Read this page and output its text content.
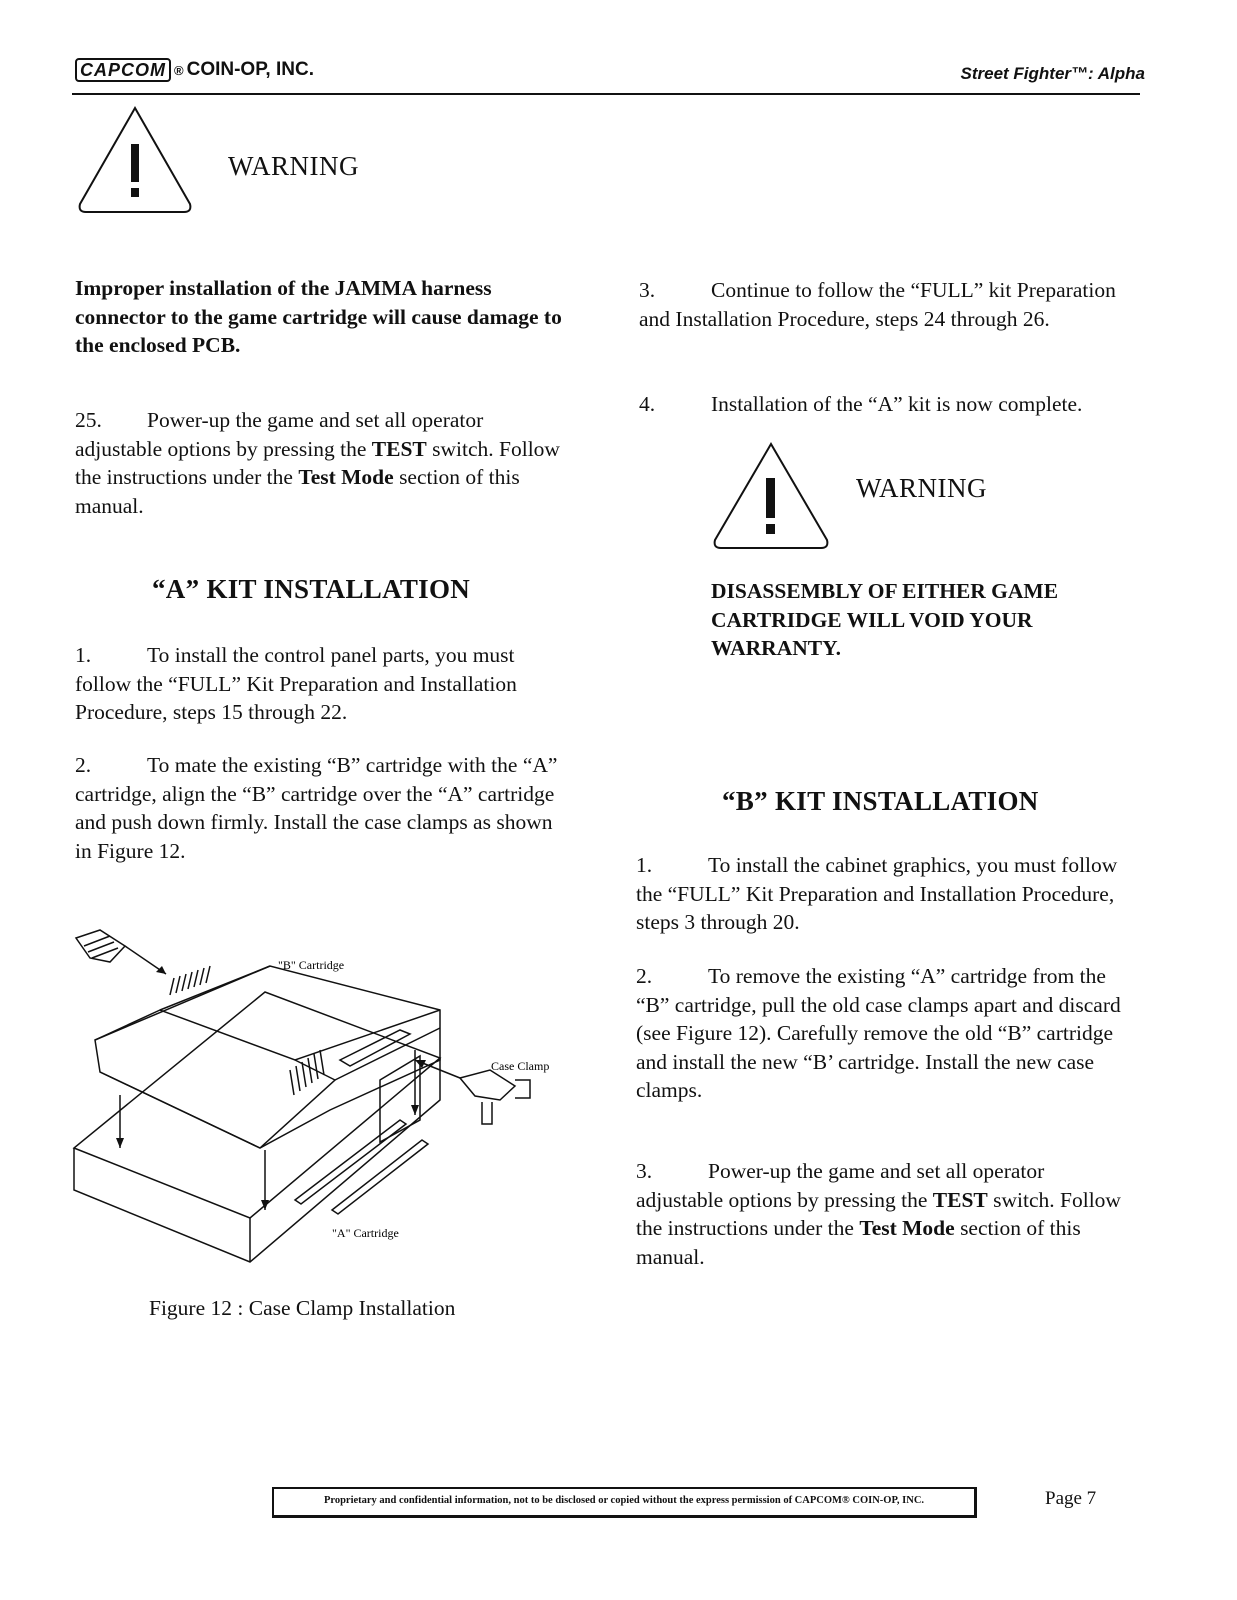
CAPCOM ® COIN-OP, INC.	Street Fighter™: Alpha
WARNING
Improper installation of the JAMMA harness connector to the game cartridge will cause damage to the enclosed PCB.
25. Power-up the game and set all operator adjustable options by pressing the TEST switch. Follow the instructions under the Test Mode section of this manual.
“A” KIT INSTALLATION
1.	To install the control panel parts, you must follow the “FULL” Kit Preparation and Installation Procedure, steps 15 through 22.
2.	To mate the existing “B” cartridge with the “A” cartridge, align the “B” cartridge over the “A” cartridge and push down firmly. Install the case clamps as shown in Figure 12.
"B" Cartridge
"A" Cartridge
Case Clamp
Figure 12 : Case Clamp Installation
3.	Continue to follow the “FULL” kit Preparation and Installation Procedure, steps 24 through 26.
4.	Installation of the “A” kit is now complete.
WARNING
DISASSEMBLY OF EITHER GAME CARTRIDGE WILL VOID YOUR WARRANTY.
“B” KIT INSTALLATION
1.	To install the cabinet graphics, you must follow the “FULL” Kit Preparation and Installation Procedure, steps 3 through 20.
2.	To remove the existing “A” cartridge from the “B” cartridge, pull the old case clamps apart and discard (see Figure 12). Carefully remove the old “B” cartridge and install the new “B’ cartridge. Install the new case clamps.
3.	Power-up the game and set all operator adjustable options by pressing the TEST switch. Follow the instructions under the Test Mode section of this manual.
Proprietary and confidential information, not to be disclosed or copied without the express permission of CAPCOM® COIN-OP, INC.	Page 7
